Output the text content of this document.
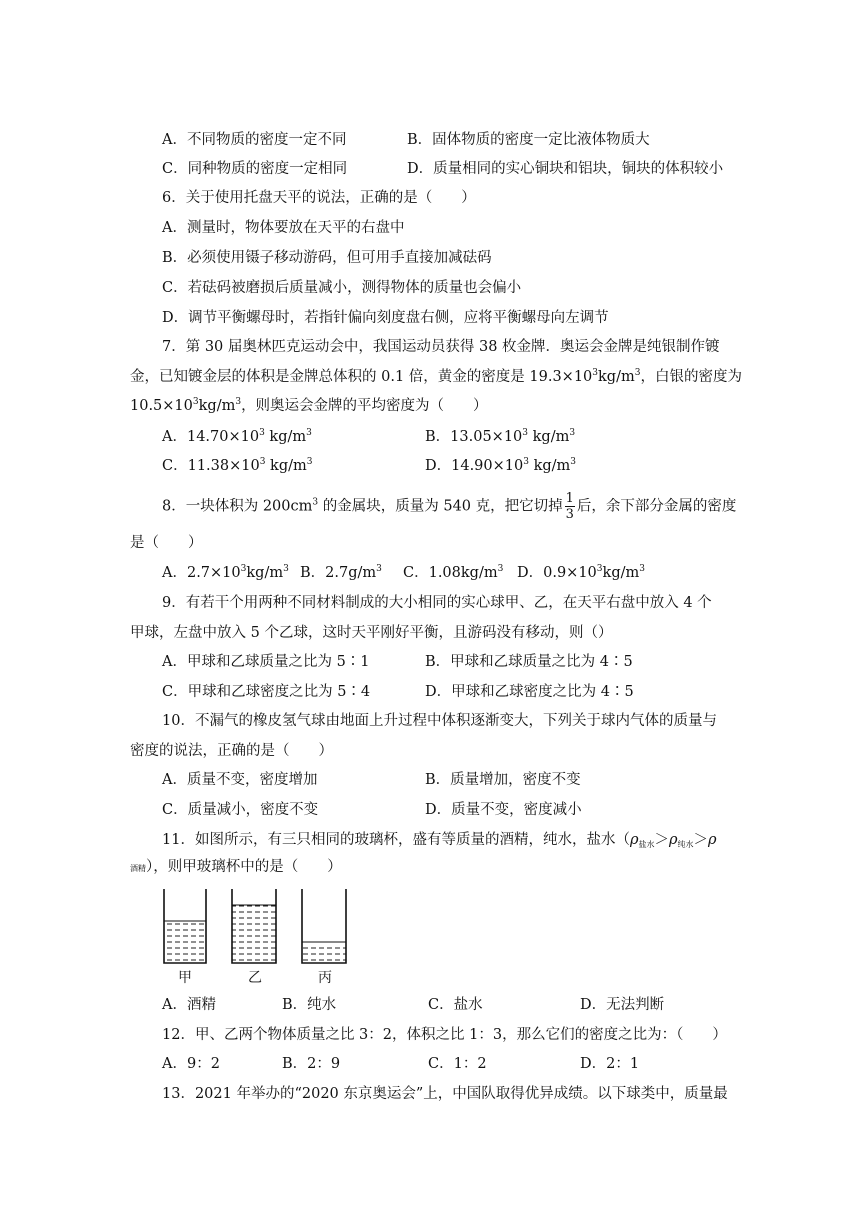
A．不同物质的密度一定不同	B．固体物质的密度一定比液体物质大
C．同种物质的密度一定相同	D．质量相同的实心铜块和铝块，铜块的体积较小
6．关于使用托盘天平的说法，正确的是（　　）
A．测量时，物体要放在天平的右盘中
B．必须使用镊子移动游码，但可用手直接加减砝码
C．若砝码被磨损后质量减小，测得物体的质量也会偏小
D．调节平衡螺母时，若指针偏向刻度盘右侧，应将平衡螺母向左调节
7．第 30 届奥林匹克运动会中，我国运动员获得 38 枚金牌．奥运会金牌是纯银制作镀
金，已知镀金层的体积是金牌总体积的 0.1 倍，黄金的密度是 $19.3\times 10^3kg/m^3$，白银的密度为
$10.5\times 10^3kg/m^3$，则奥运会金牌的平均密度为（　　）
A．$14.70\times 10^3$ $kg/m^3$	B．$13.05\times 10^3$ $kg/m^3$
C．$11.38\times 10^3$ $kg/m^3$	D．$14.90\times 10^3$ $kg/m^3$
8．一块体积为 $200cm^3$ 的金属块，质量为 540 克，把它切掉 $\frac{1}{3}$ 后，余下部分金属的密度
是（　　）
A．$2.7\times 10^3kg/m^3$ B．$2.7g/m^3$ C．$1.08kg/m^3$ D．$0.9\times 10^3kg/m^3$
9．有若干个用两种不同材料制成的大小相同的实心球甲、乙，在天平右盘中放入 4 个
甲球，左盘中放入 5 个乙球，这时天平刚好平衡，且游码没有移动，则（）
A．甲球和乙球质量之比为 5∶1	B．甲球和乙球质量之比为 4∶5
C．甲球和乙球密度之比为 5∶4	D．甲球和乙球密度之比为 4∶5
10．不漏气的橡皮氢气球由地面上升过程中体积逐渐变大，下列关于球内气体的质量与
密度的说法，正确的是（　　）
A．质量不变，密度增加	B．质量增加，密度不变
C．质量减小，密度不变	D．质量不变，密度减小
11．如图所示，有三只相同的玻璃杯，盛有等质量的酒精，纯水，盐水（$\rho_{盐水}>\rho_{纯水}>\rho$
酒精），则甲玻璃杯中的是（　　）
甲	乙	丙
A．酒精	B．纯水	C．盐水	D．无法判断
12．甲、乙两个物体质量之比 3：2，体积之比 1：3，那么它们的密度之比为：（　　）
A．9：2	B．2：9	C．1：2	D．2：1
13．2021 年举办的“2020 东京奥运会”上，中国队取得优异成绩。以下球类中，质量最
